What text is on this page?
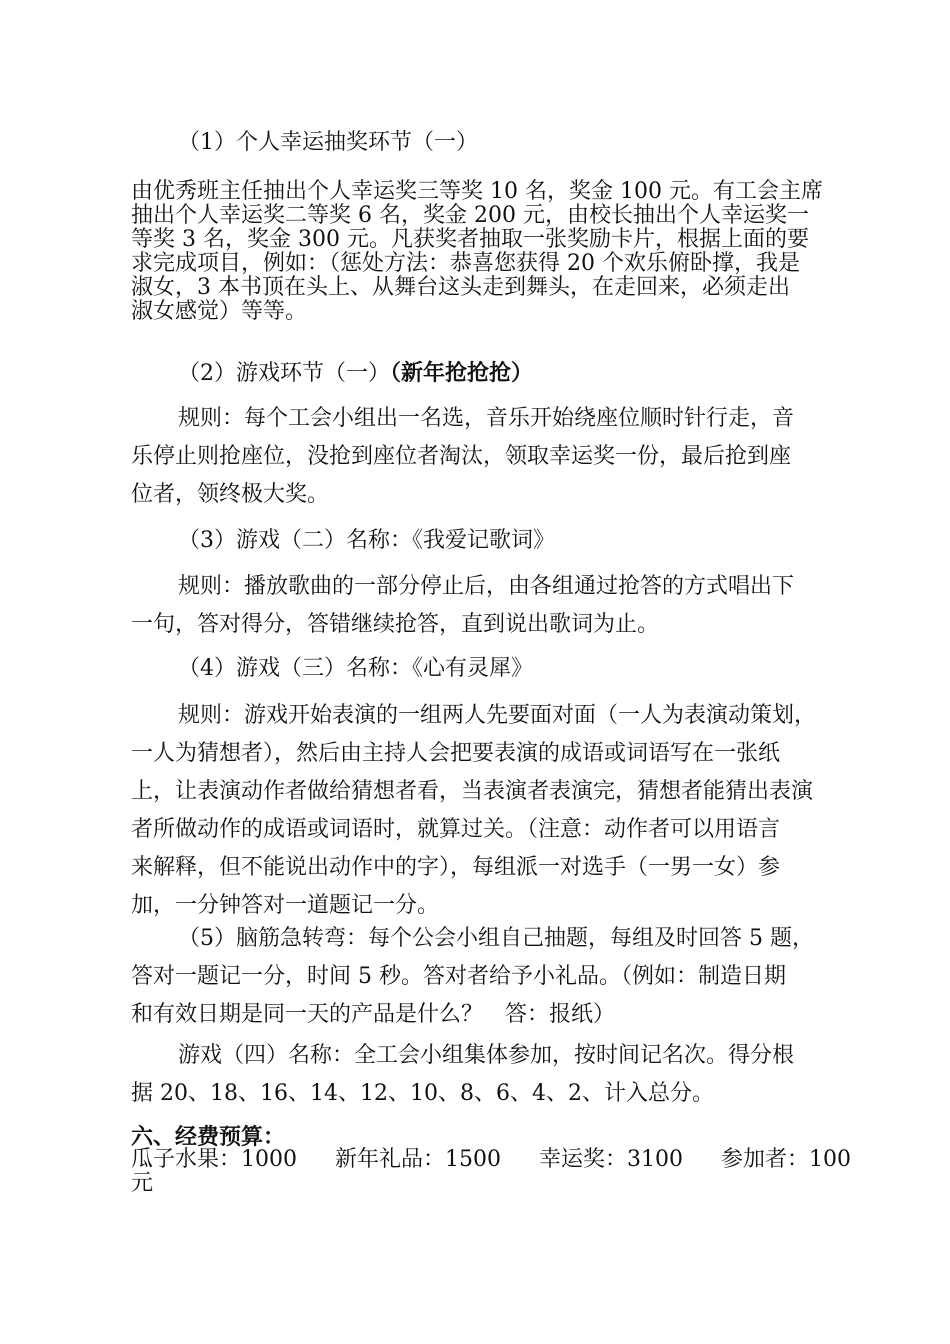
（1）个人幸运抽奖环节（一）
由优秀班主任抽出个人幸运奖三等奖 10 名，奖金 100 元。有工会主席
抽出个人幸运奖二等奖 6 名，奖金 200 元，由校长抽出个人幸运奖一
等奖 3 名，奖金 300 元。凡获奖者抽取一张奖励卡片，根据上面的要
求完成项目，例如：（惩处方法：恭喜您获得 20 个欢乐俯卧撑，我是
淑女，3 本书顶在头上、从舞台这头走到舞头，在走回来，必须走出
淑女感觉）等等。
（2）游戏环节（一）（新年抢抢抢）
规则：每个工会小组出一名选，音乐开始绕座位顺时针行走，音
乐停止则抢座位，没抢到座位者淘汰，领取幸运奖一份，最后抢到座
位者，领终极大奖。
（3）游戏（二）名称：《我爱记歌词》
规则：播放歌曲的一部分停止后，由各组通过抢答的方式唱出下
一句，答对得分，答错继续抢答，直到说出歌词为止。
（4）游戏（三）名称：《心有灵犀》
规则：游戏开始表演的一组两人先要面对面（一人为表演动策划，
一人为猜想者），然后由主持人会把要表演的成语或词语写在一张纸
上，让表演动作者做给猜想者看，当表演者表演完，猜想者能猜出表演
者所做动作的成语或词语时，就算过关。（注意：动作者可以用语言
来解释，但不能说出动作中的字），每组派一对选手（一男一女）参
加，一分钟答对一道题记一分。
（5）脑筋急转弯：每个公会小组自己抽题，每组及时回答 5 题，
答对一题记一分，时间 5 秒。答对者给予小礼品。（例如：制造日期
和有效日期是同一天的产品是什么？　答：报纸）
游戏（四）名称：全工会小组集体参加，按时间记名次。得分根
据 20、18、16、14、12、10、8、6、4、2、计入总分。
六、经费预算：
瓜子水果：1000 新年礼品：1500 幸运奖：3100 参加者：100
元
